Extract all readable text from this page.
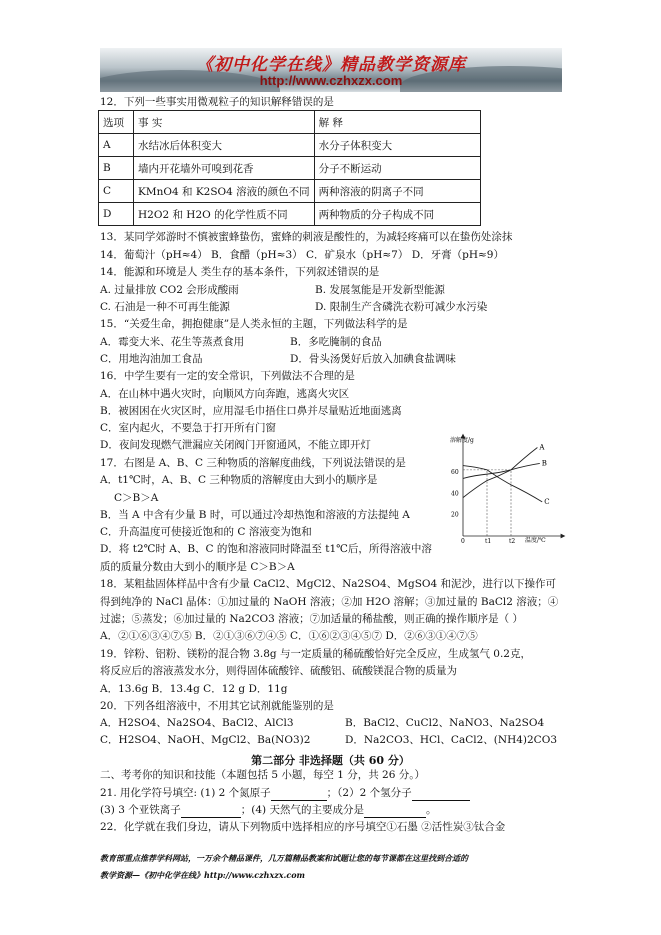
《初中化学在线》精品教学资源库
http://www.czhxzx.com
12．下列一些事实用微观粒子的知识解释错误的是
选项	事 实	解 释
A	水结冰后体积变大	水分子体积变大
B	墙内开花墙外可嗅到花香	分子不断运动
C	KMnO4 和 K2SO4 溶液的颜色不同	两种溶液的阴离子不同
D	H2O2 和 H2O 的化学性质不同	两种物质的分子构成不同
13．某同学郊游时不慎被蜜蜂蛰伤，蜜蜂的刺液是酸性的，为减轻疼痛可以在蛰伤处涂抹
14．葡萄汁（pH≈4） B．食醋（pH≈3） C．矿泉水（pH≈7） D．牙膏（pH≈9）
14．能源和环境是人 类生存的基本条件，下列叙述错误的是
A. 过量排放 CO2 会形成酸雨	B. 发展氢能是开发新型能源
C. 石油是一种不可再生能源	D. 限制生产含磷洗衣粉可减少水污染
15．“关爱生命，拥抱健康”是人类永恒的主题，下列做法科学的是
A．霉变大米、花生等蒸煮食用	B．多吃腌制的食品
C．用地沟油加工食品	D．骨头汤煲好后放入加碘食盐调味
16．中学生要有一定的安全常识，下列做法不合理的是
A．在山林中遇火灾时，向顺风方向奔跑，逃离火灾区
B．被困困在火灾区时，应用湿毛巾捂住口鼻并尽量贴近地面逃离
C．室内起火，不要急于打开所有门窗
D．夜间发现燃气泄漏应关闭阀门开窗通风，不能立即开灯
17．右图是 A、B、C 三种物质的溶解度曲线，下列说法错误的是
A．t1℃时，A、B、C 三种物质的溶解度由大到小的顺序是
C＞B＞A
B．当 A 中含有少量 B 时，可以通过冷却热饱和溶液的方法提纯 A
C．升高温度可使接近饱和的 C 溶液变为饱和
D．将 t2℃时 A、B、C 的饱和溶液同时降温至 t1℃后，所得溶液中溶
质的质量分数由大到小的顺序是 C＞B＞A
溶解度/g
温度/℃
0	t1	t2
20
40
60
A
B
C
18．某粗盐固体样品中含有少量 CaCl2、MgCl2、Na2SO4、MgSO4 和泥沙，进行以下操作可
得到纯净的 NaCl 晶体：①加过量的 NaOH 溶液；②加 H2O 溶解；③加过量的 BaCl2 溶液；④
过滤；⑤蒸发；⑥加过量的 Na2CO3 溶液；⑦加适量的稀盐酸，则正确的操作顺序是（ ）
A．②①⑥③④⑦⑤ B．②①③⑥⑦④⑤ C．①⑥②③④⑤⑦ D．②⑥③①④⑦⑤
19．锌粉、铝粉、镁粉的混合物 3.8g 与一定质量的稀硫酸恰好完全反应，生成氢气 0.2克，
将反应后的溶液蒸发水分，则得固体硫酸锌、硫酸铝、硫酸镁混合物的质量为
A．13.6g B．13.4g C．12 g D．11g
20．下列各组溶液中，不用其它试剂就能鉴别的是
A．H2SO4、Na2SO4、BaCl2、AlCl3	B．BaCl2、CuCl2、NaNO3、Na2SO4
C．H2SO4、NaOH、MgCl2、Ba(NO3)2	D．Na2CO3、HCl、CaCl2、(NH4)2CO3
第二部分 非选择题（共 60 分）
二、考考你的知识和技能（本题包括 5 小题，每空 1 分，共 26 分。）
21. 用化学符号填空: (1) 2 个氮原子	；（2）2 个氢分子
(3) 3 个亚铁离子	；(4) 天然气的主要成分是	。
22．化学就在我们身边，请从下列物质中选择相应的序号填空①石墨 ②活性炭③钛合金
教育部重点推荐学科网站，一万余个精品课件，几万篇精品教案和试题让您的每节课都在这里找到合适的
教学资源—《初中化学在线》http://www.czhxzx.com
